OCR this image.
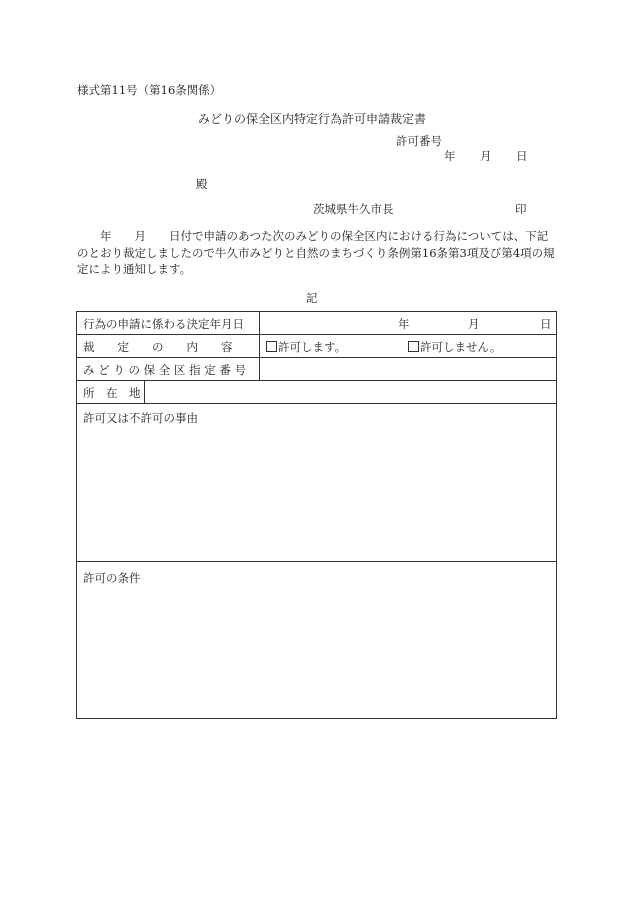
様式第11号（第16条関係）
みどりの保全区内特定行為許可申請裁定書
許可番号
年 月 日
殿
茨城県牛久市長	印
　　年　　月　　日付で申請のあつた次のみどりの保全区内における行為については、下記のとおり裁定しましたので牛久市みどりと自然のまちづくり条例第16条第3項及び第4項の規定により通知します。
記
行為の申請に係わる決定年月日	年	月	日
裁　　定　　の　　内　　容	許可します。	許可しません。
み ど り の 保 全 区 指 定 番 号
所　在　地
許可又は不許可の事由
許可の条件
